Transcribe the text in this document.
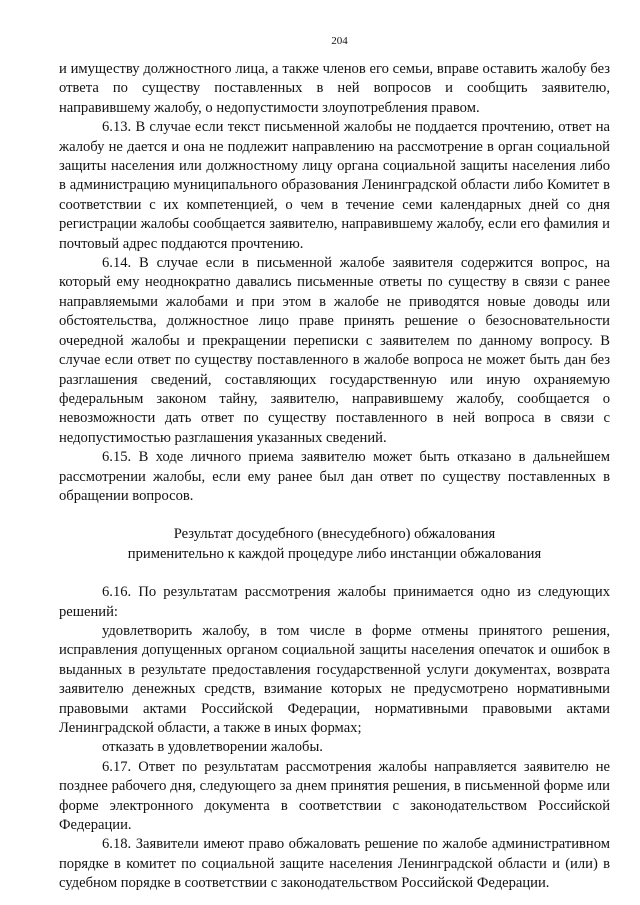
204

и имуществу должностного лица, а также членов его семьи, вправе оставить жалобу без ответа по существу поставленных в ней вопросов и сообщить заявителю, направившему жалобу, о недопустимости злоупотребления правом.

6.13. В случае если текст письменной жалобы не поддается прочтению, ответ на жалобу не дается и она не подлежит направлению на рассмотрение в орган социальной защиты населения или должностному лицу органа социальной защиты населения либо в администрацию муниципального образования Ленинградской области либо Комитет в соответствии с их компетенцией, о чем в течение семи календарных дней со дня регистрации жалобы сообщается заявителю, направившему жалобу, если его фамилия и почтовый адрес поддаются прочтению.

6.14. В случае если в письменной жалобе заявителя содержится вопрос, на который ему неоднократно давались письменные ответы по существу в связи с ранее направляемыми жалобами и при этом в жалобе не приводятся новые доводы или обстоятельства, должностное лицо праве принять решение о безосновательности очередной жалобы и прекращении переписки с заявителем по данному вопросу. В случае если ответ по существу поставленного в жалобе вопроса не может быть дан без разглашения сведений, составляющих государственную или иную охраняемую федеральным законом тайну, заявителю, направившему жалобу, сообщается о невозможности дать ответ по существу поставленного в ней вопроса в связи с недопустимостью разглашения указанных сведений.

6.15. В ходе личного приема заявителю может быть отказано в дальнейшем рассмотрении жалобы, если ему ранее был дан ответ по существу поставленных в обращении вопросов.

Результат досудебного (внесудебного) обжалования
применительно к каждой процедуре либо инстанции обжалования

6.16. По результатам рассмотрения жалобы принимается одно из следующих решений:

удовлетворить жалобу, в том числе в форме отмены принятого решения, исправления допущенных органом социальной защиты населения опечаток и ошибок в выданных в результате предоставления государственной услуги документах, возврата заявителю денежных средств, взимание которых не предусмотрено нормативными правовыми актами Российской Федерации, нормативными правовыми актами Ленинградской области, а также в иных формах;

отказать в удовлетворении жалобы.

6.17. Ответ по результатам рассмотрения жалобы направляется заявителю не позднее рабочего дня, следующего за днем принятия решения, в письменной форме или форме электронного документа в соответствии с законодательством Российской Федерации.

6.18. Заявители имеют право обжаловать решение по жалобе административном порядке в комитет по социальной защите населения Ленинградской области и (или) в судебном порядке в соответствии с законодательством Российской Федерации.
